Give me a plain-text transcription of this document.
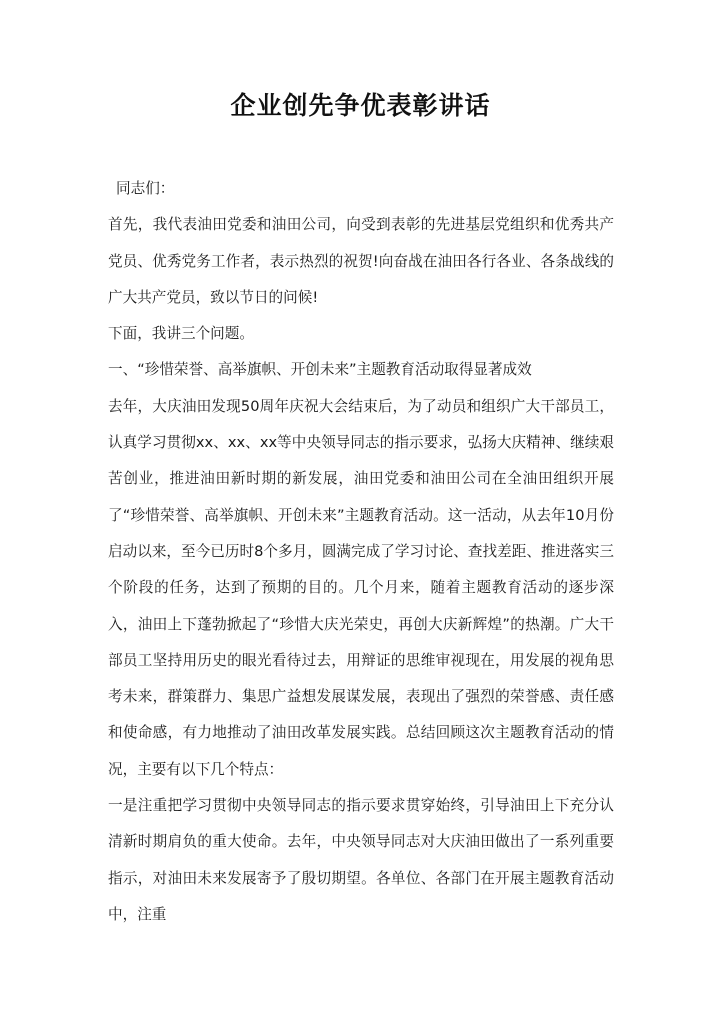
企业创先争优表彰讲话

同志们：

首先，我代表油田党委和油田公司，向受到表彰的先进基层党组织和优秀共产党员、优秀党务工作者，表示热烈的祝贺!向奋战在油田各行各业、各条战线的广大共产党员，致以节日的问候!

下面，我讲三个问题。

一、“珍惜荣誉、高举旗帜、开创未来”主题教育活动取得显著成效

去年，大庆油田发现50周年庆祝大会结束后，为了动员和组织广大干部员工，认真学习贯彻xx、xx、xx等中央领导同志的指示要求，弘扬大庆精神、继续艰苦创业，推进油田新时期的新发展，油田党委和油田公司在全油田组织开展了“珍惜荣誉、高举旗帜、开创未来”主题教育活动。这一活动，从去年10月份启动以来，至今已历时8个多月，圆满完成了学习讨论、查找差距、推进落实三个阶段的任务，达到了预期的目的。几个月来，随着主题教育活动的逐步深入，油田上下蓬勃掀起了“珍惜大庆光荣史，再创大庆新辉煌”的热潮。广大干部员工坚持用历史的眼光看待过去，用辩证的思维审视现在，用发展的视角思考未来，群策群力、集思广益想发展谋发展，表现出了强烈的荣誉感、责任感和使命感，有力地推动了油田改革发展实践。总结回顾这次主题教育活动的情况，主要有以下几个特点：

一是注重把学习贯彻中央领导同志的指示要求贯穿始终，引导油田上下充分认清新时期肩负的重大使命。去年，中央领导同志对大庆油田做出了一系列重要指示，对油田未来发展寄予了殷切期望。各单位、各部门在开展主题教育活动中，注重
